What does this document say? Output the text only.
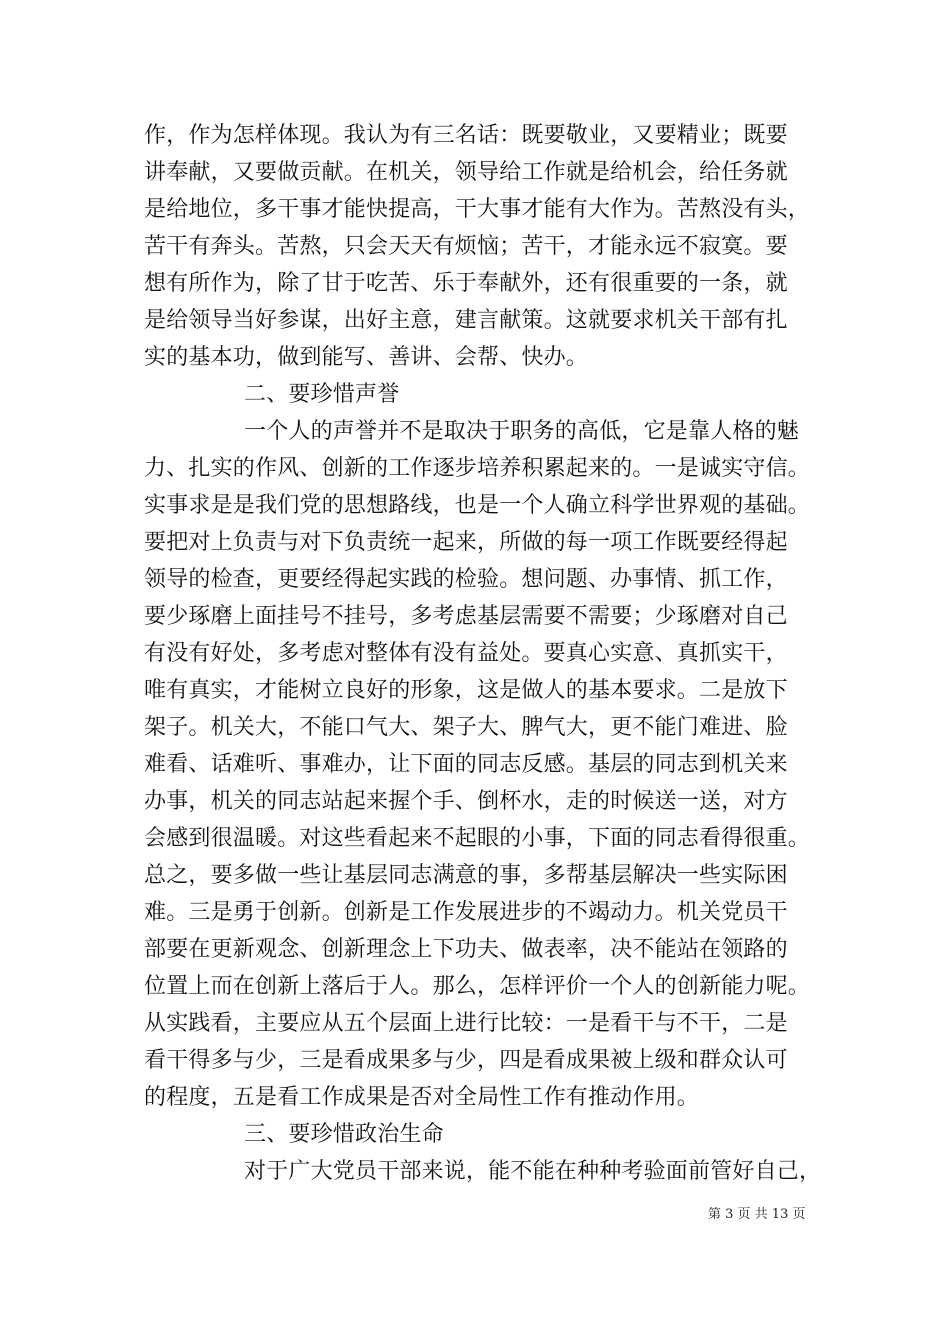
作，作为怎样体现。我认为有三名话：既要敬业，又要精业；既要
讲奉献，又要做贡献。在机关，领导给工作就是给机会，给任务就
是给地位，多干事才能快提高，干大事才能有大作为。苦熬没有头，
苦干有奔头。苦熬，只会天天有烦恼；苦干，才能永远不寂寞。要
想有所作为，除了甘于吃苦、乐于奉献外，还有很重要的一条，就
是给领导当好参谋，出好主意，建言献策。这就要求机关干部有扎
实的基本功，做到能写、善讲、会帮、快办。
二、要珍惜声誉
一个人的声誉并不是取决于职务的高低，它是靠人格的魅
力、扎实的作风、创新的工作逐步培养积累起来的。一是诚实守信。
实事求是是我们党的思想路线，也是一个人确立科学世界观的基础。
要把对上负责与对下负责统一起来，所做的每一项工作既要经得起
领导的检查，更要经得起实践的检验。想问题、办事情、抓工作，
要少琢磨上面挂号不挂号，多考虑基层需要不需要；少琢磨对自己
有没有好处，多考虑对整体有没有益处。要真心实意、真抓实干，
唯有真实，才能树立良好的形象，这是做人的基本要求。二是放下
架子。机关大，不能口气大、架子大、脾气大，更不能门难进、脸
难看、话难听、事难办，让下面的同志反感。基层的同志到机关来
办事，机关的同志站起来握个手、倒杯水，走的时候送一送，对方
会感到很温暖。对这些看起来不起眼的小事，下面的同志看得很重。
总之，要多做一些让基层同志满意的事，多帮基层解决一些实际困
难。三是勇于创新。创新是工作发展进步的不竭动力。机关党员干
部要在更新观念、创新理念上下功夫、做表率，决不能站在领路的
位置上而在创新上落后于人。那么，怎样评价一个人的创新能力呢。
从实践看，主要应从五个层面上进行比较：一是看干与不干，二是
看干得多与少，三是看成果多与少，四是看成果被上级和群众认可
的程度，五是看工作成果是否对全局性工作有推动作用。
三、要珍惜政治生命
对于广大党员干部来说，能不能在种种考验面前管好自己，
第 3 页 共 13 页
